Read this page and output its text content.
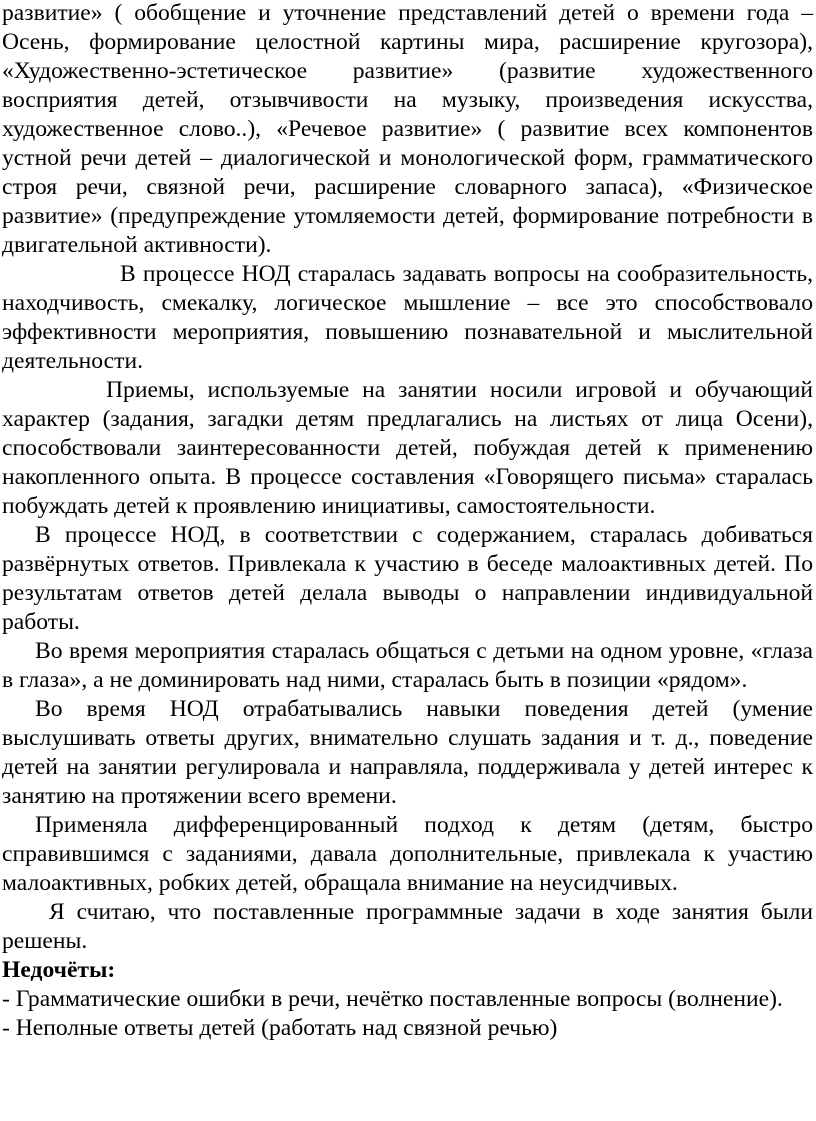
развитие» ( обобщение и уточнение представлений детей о времени года – Осень, формирование целостной картины мира, расширение кругозора), «Художественно-эстетическое развитие» (развитие художественного восприятия детей, отзывчивости на музыку, произведения искусства, художественное слово..), «Речевое развитие» ( развитие всех компонентов устной речи детей – диалогической и монологической форм, грамматического строя речи, связной речи, расширение словарного запаса), «Физическое развитие» (предупреждение утомляемости детей, формирование потребности в двигательной активности).

В процессе НОД старалась задавать вопросы на сообразительность, находчивость, смекалку, логическое мышление – все это способствовало эффективности мероприятия, повышению познавательной и мыслительной деятельности.

Приемы, используемые на занятии носили игровой и обучающий характер (задания, загадки детям предлагались на листьях от лица Осени), способствовали заинтересованности детей, побуждая детей к применению накопленного опыта. В процессе составления «Говорящего письма» старалась побуждать детей к проявлению инициативы, самостоятельности.

В процессе НОД, в соответствии с содержанием, старалась добиваться развёрнутых ответов. Привлекала к участию в беседе малоактивных детей. По результатам ответов детей делала выводы о направлении индивидуальной работы.

Во время мероприятия старалась общаться с детьми на одном уровне, «глаза в глаза», а не доминировать над ними, старалась быть в позиции «рядом».

Во время НОД отрабатывались навыки поведения детей (умение выслушивать ответы других, внимательно слушать задания и т. д., поведение детей на занятии регулировала и направляла, поддерживала у детей интерес к занятию на протяжении всего времени.

Применяла дифференцированный подход к детям (детям, быстро справившимся с заданиями, давала дополнительные, привлекала к участию малоактивных, робких детей, обращала внимание на неусидчивых.

Я считаю, что поставленные программные задачи в ходе занятия были решены.

Недочёты:

- Грамматические ошибки в речи, нечётко поставленные вопросы (волнение).

- Неполные ответы детей (работать над связной речью)
